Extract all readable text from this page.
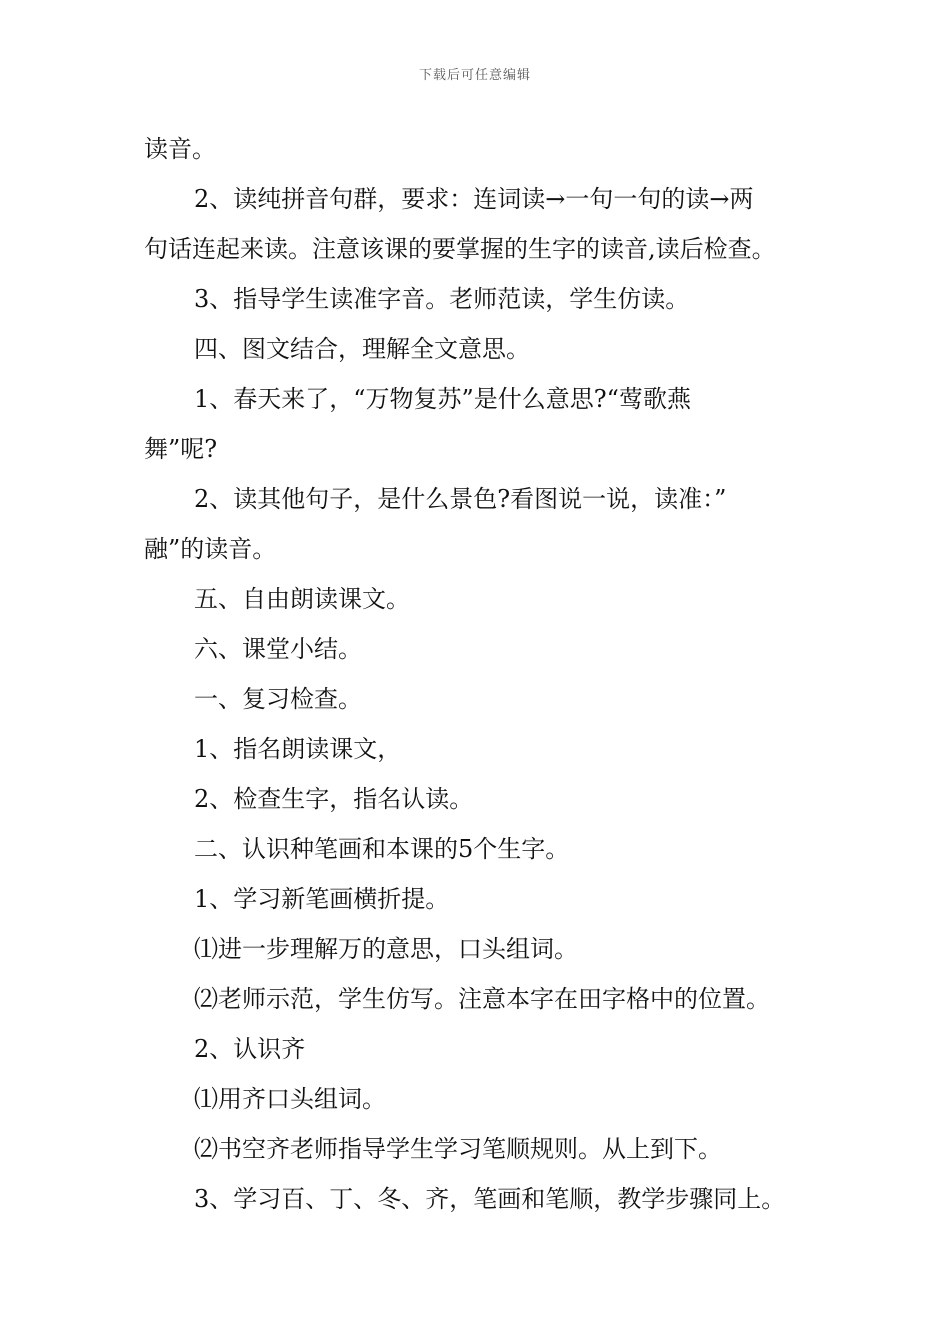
下载后可任意编辑
读音。
2、读纯拼音句群，要求：连词读→一句一句的读→两
句话连起来读。注意该课的要掌握的生字的读音,读后检查。
3、指导学生读准字音。老师范读，学生仿读。
四、图文结合，理解全文意思。
1、春天来了，“万物复苏”是什么意思?“莺歌燕
舞”呢?
2、读其他句子，是什么景色?看图说一说，读准：”
融”的读音。
五、自由朗读课文。
六、课堂小结。
一、复习检查。
1、指名朗读课文，
2、检查生字，指名认读。
二、认识种笔画和本课的5个生字。
1、学习新笔画横折提。
⑴进一步理解万的意思，口头组词。
⑵老师示范，学生仿写。注意本字在田字格中的位置。
2、认识齐
⑴用齐口头组词。
⑵书空齐老师指导学生学习笔顺规则。从上到下。
3、学习百、丁、冬、齐，笔画和笔顺，教学步骤同上。
